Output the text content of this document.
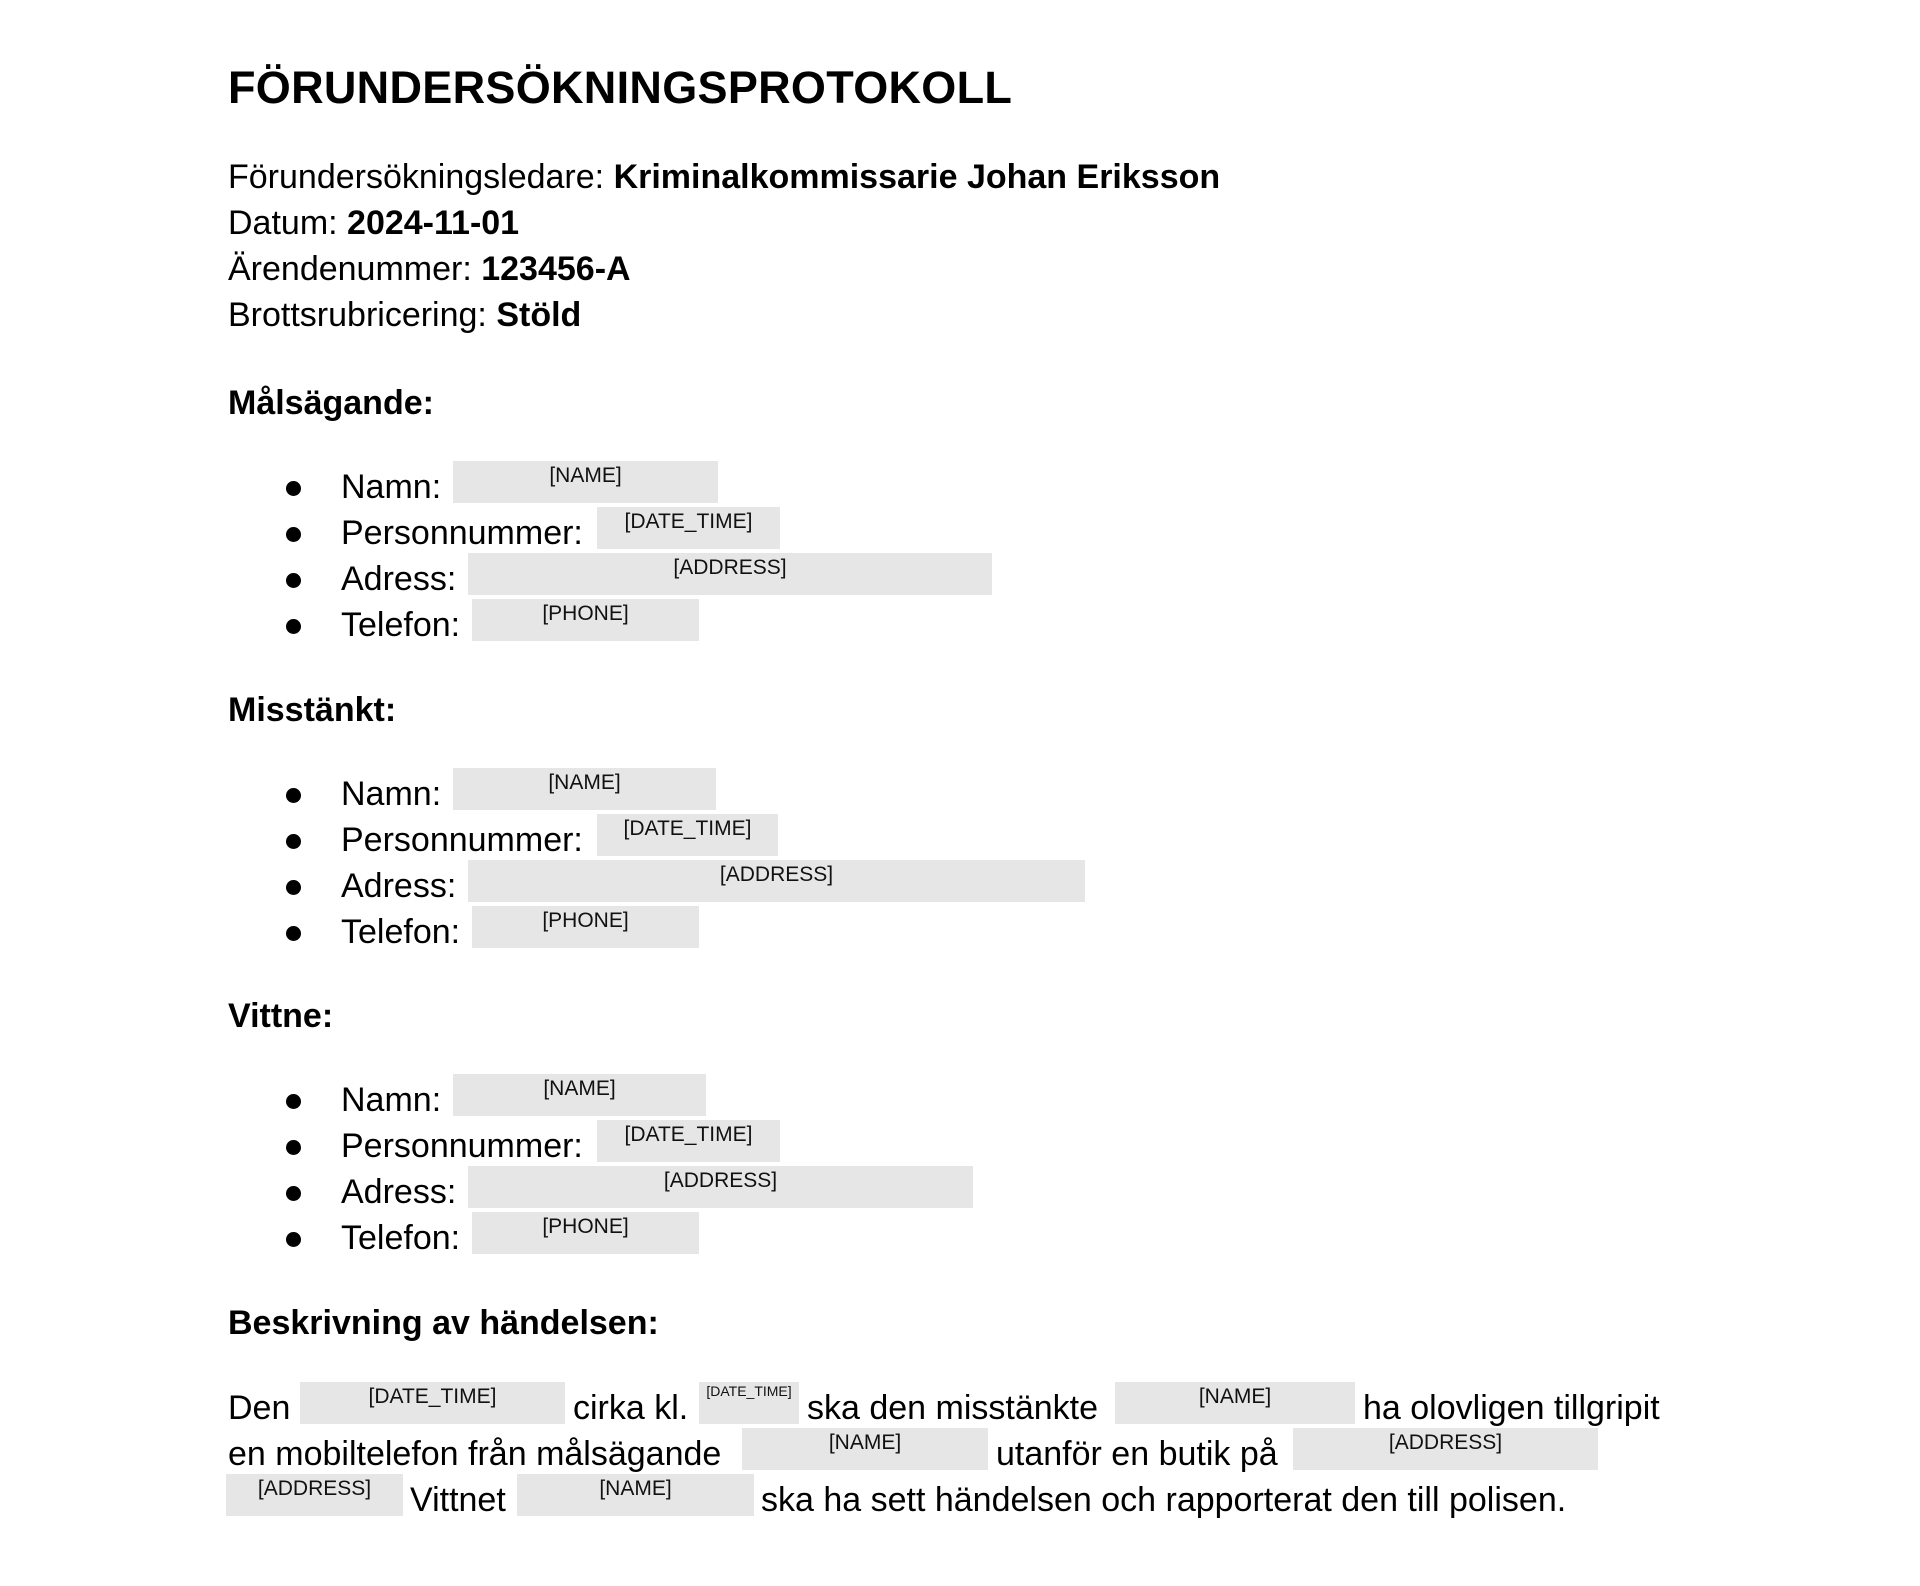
FÖRUNDERSÖKNINGSPROTOKOLL
Förundersökningsledare: Kriminalkommissarie Johan Eriksson
Datum: 2024-11-01
Ärendenummer: 123456-A
Brottsrubricering: Stöld
Målsägande:
Namn:	[NAME]
Personnummer:	[DATE_TIME]
Adress:	[ADDRESS]
Telefon:	[PHONE]
Misstänkt:
Namn:	[NAME]
Personnummer:	[DATE_TIME]
Adress:	[ADDRESS]
Telefon:	[PHONE]
Vittne:
Namn:	[NAME]
Personnummer:	[DATE_TIME]
Adress:	[ADDRESS]
Telefon:	[PHONE]
Beskrivning av händelsen:
Den	[DATE_TIME]	cirka kl.	[DATE_TIME] ska den misstänkte	[NAME]	ha olovligen tillgripit
en mobiltelefon från målsägande	[NAME]	utanför en butik på	[ADDRESS]
[ADDRESS]	Vittnet	[NAME]	ska ha sett händelsen och rapporterat den till polisen.
